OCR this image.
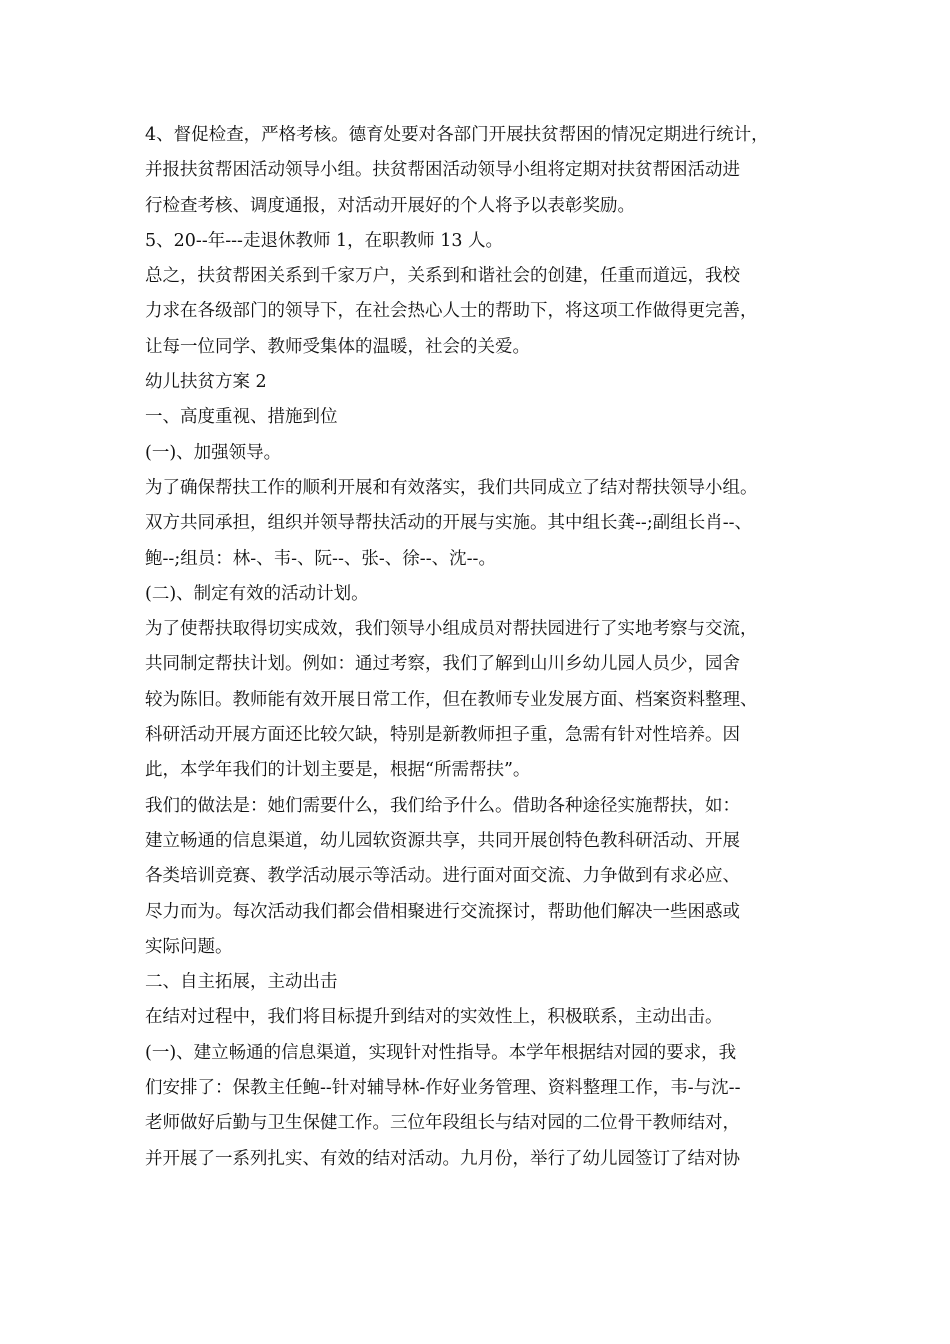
4、督促检查，严格考核。德育处要对各部门开展扶贫帮困的情况定期进行统计，
并报扶贫帮困活动领导小组。扶贫帮困活动领导小组将定期对扶贫帮困活动进
行检查考核、调度通报，对活动开展好的个人将予以表彰奖励。
5、20--年---走退休教师 1，在职教师 13 人。
总之，扶贫帮困关系到千家万户，关系到和谐社会的创建，任重而道远，我校
力求在各级部门的领导下，在社会热心人士的帮助下，将这项工作做得更完善，
让每一位同学、教师受集体的温暖，社会的关爱。
幼儿扶贫方案 2
一、高度重视、措施到位
(一)、加强领导。
为了确保帮扶工作的顺利开展和有效落实，我们共同成立了结对帮扶领导小组。
双方共同承担，组织并领导帮扶活动的开展与实施。其中组长龚--;副组长肖--、
鲍--;组员：林-、韦-、阮--、张-、徐--、沈--。
(二)、制定有效的活动计划。
为了使帮扶取得切实成效，我们领导小组成员对帮扶园进行了实地考察与交流，
共同制定帮扶计划。例如：通过考察，我们了解到山川乡幼儿园人员少，园舍
较为陈旧。教师能有效开展日常工作，但在教师专业发展方面、档案资料整理、
科研活动开展方面还比较欠缺，特别是新教师担子重，急需有针对性培养。因
此，本学年我们的计划主要是，根据“所需帮扶”。
我们的做法是：她们需要什么，我们给予什么。借助各种途径实施帮扶，如：
建立畅通的信息渠道，幼儿园软资源共享，共同开展创特色教科研活动、开展
各类培训竞赛、教学活动展示等活动。进行面对面交流、力争做到有求必应、
尽力而为。每次活动我们都会借相聚进行交流探讨，帮助他们解决一些困惑或
实际问题。
二、自主拓展，主动出击
在结对过程中，我们将目标提升到结对的实效性上，积极联系，主动出击。
(一)、建立畅通的信息渠道，实现针对性指导。本学年根据结对园的要求，我
们安排了：保教主任鲍--针对辅导林-作好业务管理、资料整理工作，韦-与沈--
老师做好后勤与卫生保健工作。三位年段组长与结对园的二位骨干教师结对，
并开展了一系列扎实、有效的结对活动。九月份，举行了幼儿园签订了结对协
